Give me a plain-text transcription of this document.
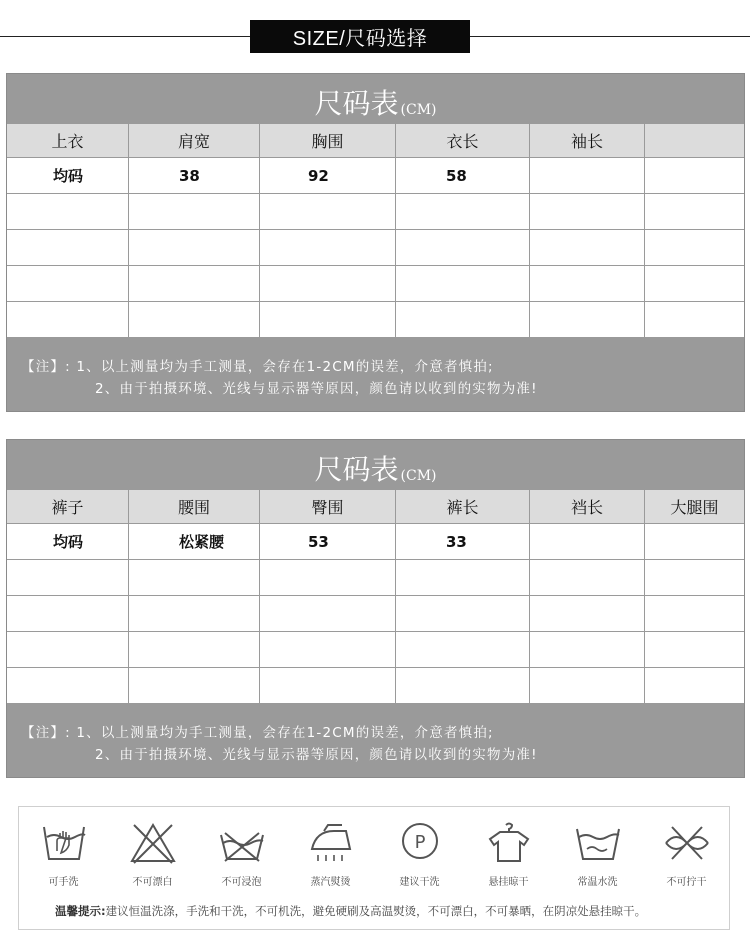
SIZE/尺码选择
尺码表 (CM)
上衣	肩宽	胸围	衣长	袖长
均码	38	92	58
【注】: 1、以上测量均为手工测量，会存在1-2CM的误差，介意者慎拍;
2、由于拍摄环境、光线与显示器等原因，颜色请以收到的实物为准!
尺码表 (CM)
裤子	腰围	臀围	裤长	裆长	大腿围
均码	松紧腰	53	33
【注】: 1、以上测量均为手工测量，会存在1-2CM的误差，介意者慎拍;
2、由于拍摄环境、光线与显示器等原因，颜色请以收到的实物为准!
可手洗	不可漂白	不可浸泡	蒸汽熨烫
P
建议干洗	悬挂晾干	常温水洗	不可拧干
温馨提示:建议恒温洗涤，手洗和干洗，不可机洗，避免硬刷及高温熨烫，不可漂白，不可暴晒，在阴凉处悬挂晾干。
